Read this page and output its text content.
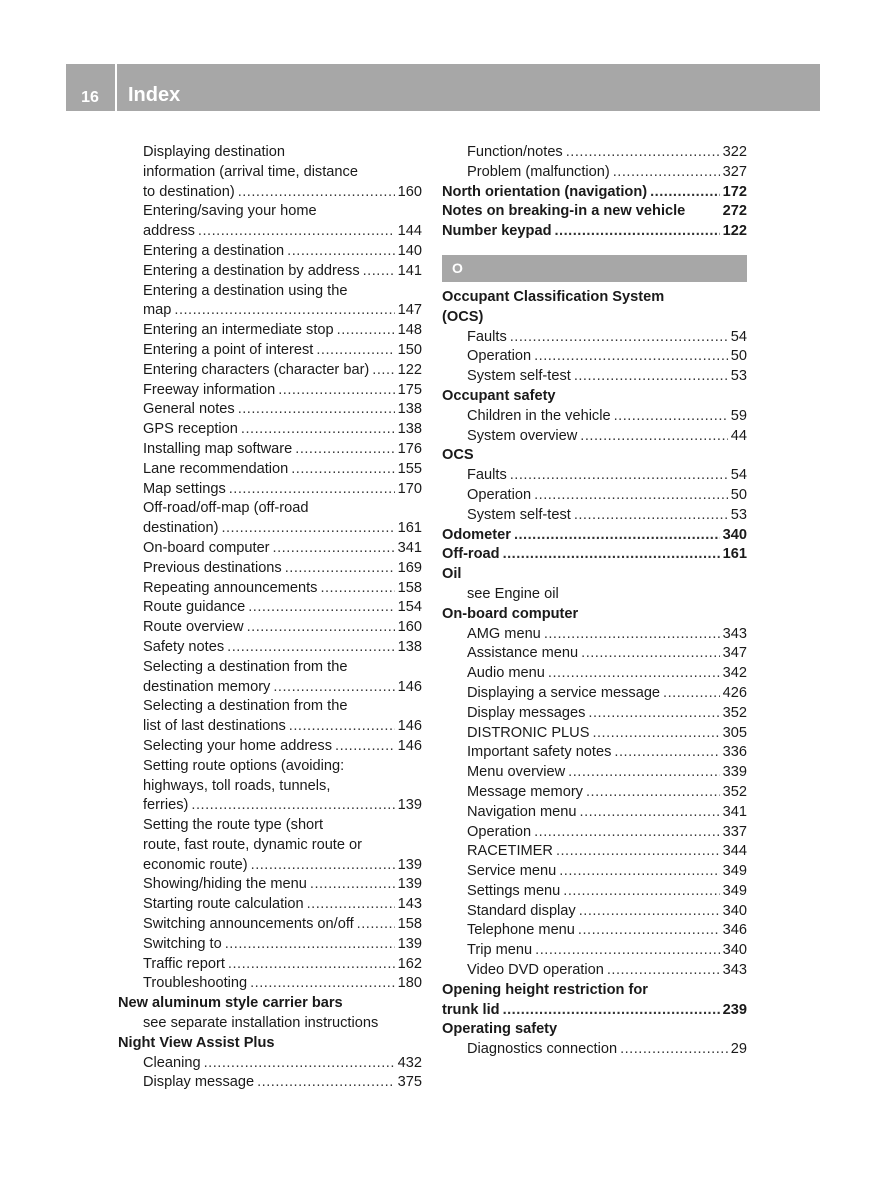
16	Index
Displaying destination
information (arrival time, distance
to destination) .....	160
Entering/saving your home
address .....	144
Entering a destination .....	140
Entering a destination by address .....	141
Entering a destination using the
map .....	147
Entering an intermediate stop .....	148
Entering a point of interest .....	150
Entering characters (character bar) ..... 122
Freeway information .....	175
General notes .....	138
GPS reception .....	138
Installing map software .....	176
Lane recommendation .....	155
Map settings .....	170
Off-road/off-map (off-road
destination) .....	161
On-board computer .....	341
Previous destinations .....	169
Repeating announcements .....	158
Route guidance .....	154
Route overview .....	160
Safety notes .....	138
Selecting a destination from the
destination memory .....	146
Selecting a destination from the
list of last destinations .....	146
Selecting your home address .....	146
Setting route options (avoiding:
highways, toll roads, tunnels,
ferries) .....	139
Setting the route type (short
route, fast route, dynamic route or
economic route) .....	139
Showing/hiding the menu .....	139
Starting route calculation .....	143
Switching announcements on/off .....	158
Switching to .....	139
Traffic report .....	162
Troubleshooting .....	180
New aluminum style carrier bars
see separate installation instructions
Night View Assist Plus
Cleaning .....	432
Display message .....	375
Function/notes .....	322
Problem (malfunction) .....	327
North orientation (navigation) .....	172
Notes on breaking-in a new vehicle	272
Number keypad .....	122
O
Occupant Classification System
(OCS)
Faults .....	54
Operation .....	50
System self-test .....	53
Occupant safety
Children in the vehicle .....	59
System overview .....	44
OCS
Faults .....	54
Operation .....	50
System self-test .....	53
Odometer .....	340
Off-road .....	161
Oil
see Engine oil
On-board computer
AMG menu .....	343
Assistance menu .....	347
Audio menu .....	342
Displaying a service message .....	426
Display messages .....	352
DISTRONIC PLUS .....	305
Important safety notes .....	336
Menu overview .....	339
Message memory .....	352
Navigation menu .....	341
Operation .....	337
RACETIMER .....	344
Service menu .....	349
Settings menu .....	349
Standard display .....	340
Telephone menu .....	346
Trip menu .....	340
Video DVD operation .....	343
Opening height restriction for
trunk lid .....	239
Operating safety
Diagnostics connection .....	29
